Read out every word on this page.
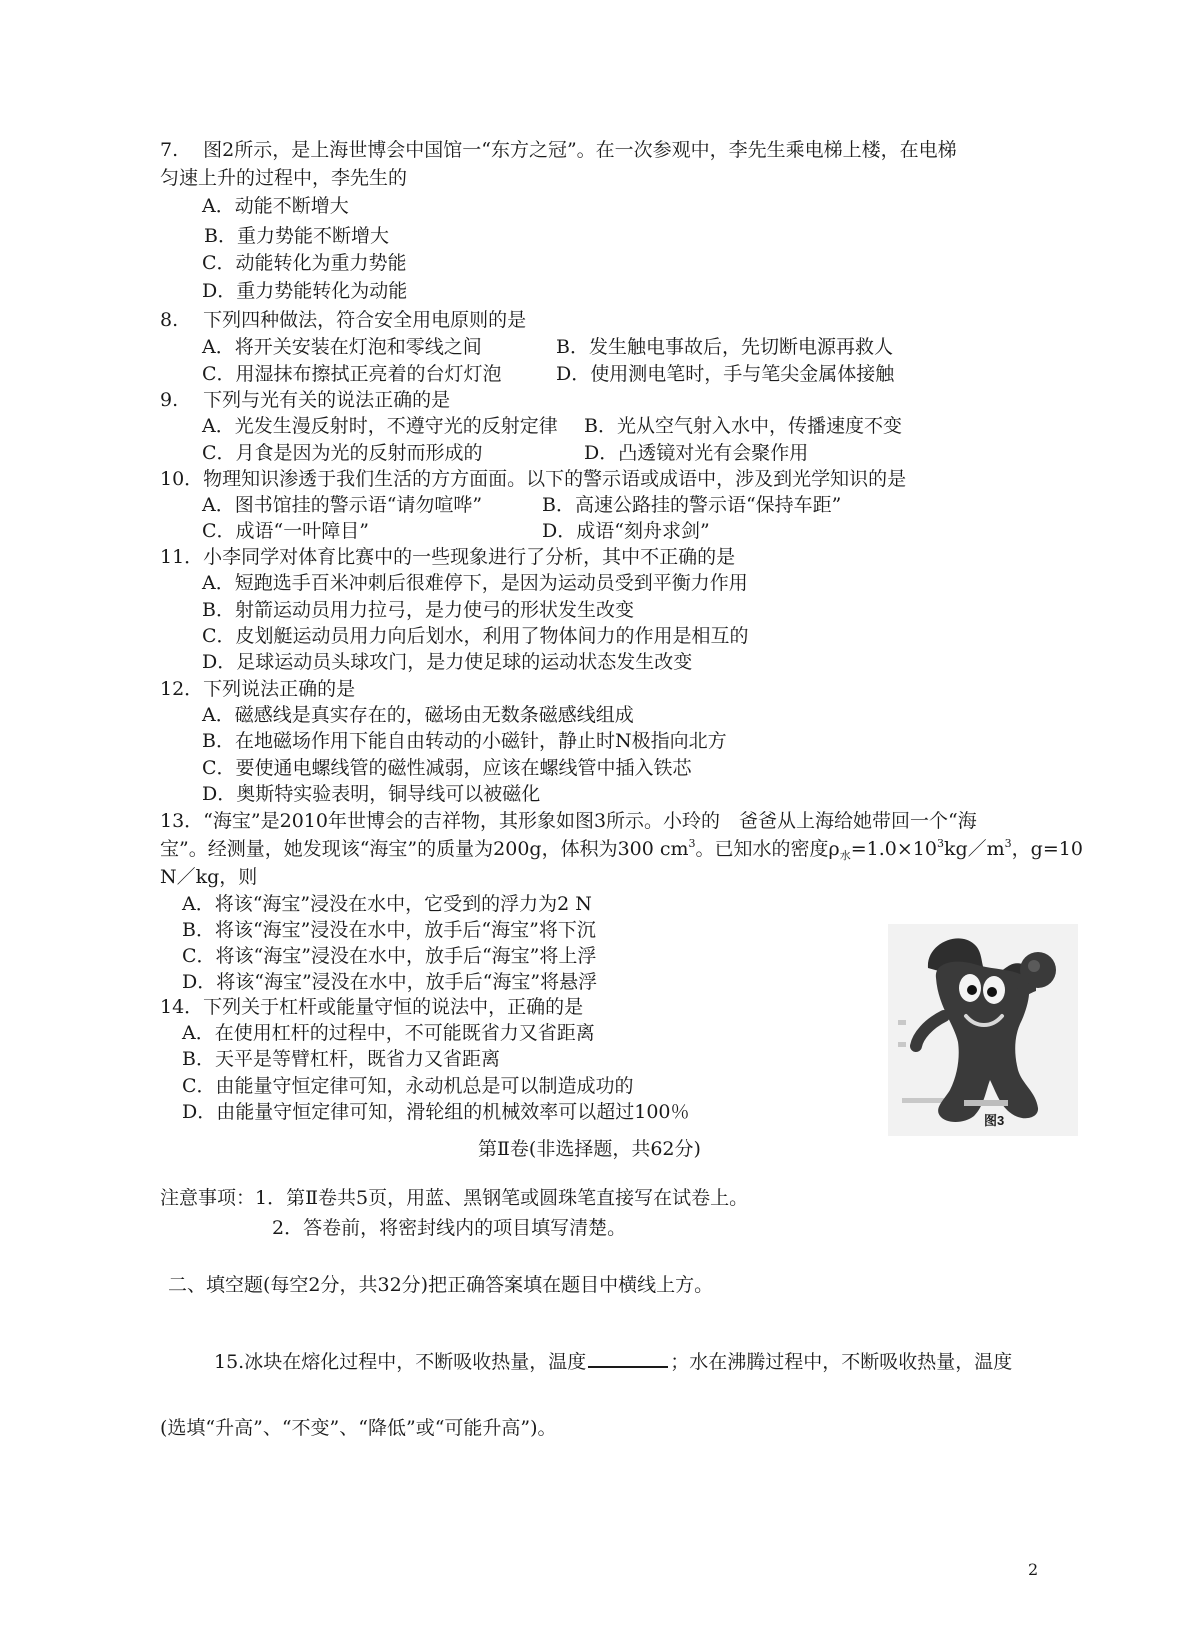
7.　 图2所示，是上海世博会中国馆一“东方之冠”。在一次参观中，李先生乘电梯上楼，在电梯
匀速上升的过程中，李先生的
A．动能不断增大
B．重力势能不断增大
C．动能转化为重力势能
D．重力势能转化为动能
8.　 下列四种做法，符合安全用电原则的是
A．将开关安装在灯泡和零线之间	B．发生触电事故后，先切断电源再救人
C．用湿抹布擦拭正亮着的台灯灯泡	D．使用测电笔时，手与笔尖金属体接触
9.　 下列与光有关的说法正确的是
A．光发生漫反射时，不遵守光的反射定律 B．光从空气射入水中，传播速度不变
C．月食是因为光的反射而形成的	D．凸透镜对光有会聚作用
10．物理知识渗透于我们生活的方方面面。以下的警示语或成语中，涉及到光学知识的是
A．图书馆挂的警示语“请勿喧哗”	B．高速公路挂的警示语“保持车距”
C．成语“一叶障目”	D．成语“刻舟求剑”
11．小李同学对体育比赛中的一些现象进行了分析，其中不正确的是
A．短跑选手百米冲刺后很难停下，是因为运动员受到平衡力作用
B．射箭运动员用力拉弓，是力使弓的形状发生改变
C．皮划艇运动员用力向后划水，利用了物体间力的作用是相互的
D．足球运动员头球攻门，是力使足球的运动状态发生改变
12．下列说法正确的是
A．磁感线是真实存在的，磁场由无数条磁感线组成
B．在地磁场作用下能自由转动的小磁针，静止时N极指向北方
C．要使通电螺线管的磁性减弱，应该在螺线管中插入铁芯
D．奥斯特实验表明，铜导线可以被磁化
13．“海宝”是2010年世博会的吉祥物，其形象如图3所示。小玲的　爸爸从上海给她带回一个“海
宝”。经测量，她发现该“海宝”的质量为200g，体积为300 $cm^3$。已知水的密度$\rho_水=1.0\times 10^3kg/m^3$，g=10
N／kg，则
A．将该“海宝”浸没在水中，它受到的浮力为2 N
B．将该“海宝”浸没在水中，放手后“海宝”将下沉
C．将该“海宝”浸没在水中，放手后“海宝”将上浮
D．将该“海宝”浸没在水中，放手后“海宝”将悬浮
14．下列关于杠杆或能量守恒的说法中，正确的是
A．在使用杠杆的过程中，不可能既省力又省距离
B．天平是等臂杠杆，既省力又省距离
C．由能量守恒定律可知，永动机总是可以制造成功的
D．由能量守恒定律可知，滑轮组的机械效率可以超过100％	图3
第Ⅱ卷(非选择题，共62分)
注意事项：1．第Ⅱ卷共5页，用蓝、黑钢笔或圆珠笔直接写在试卷上。
2．答卷前，将密封线内的项目填写清楚。
二、填空题(每空2分，共32分)把正确答案填在题目中横线上方。
15.冰块在熔化过程中，不断吸收热量，温度	；水在沸腾过程中，不断吸收热量，温度
(选填“升高”、“不变”、“降低”或“可能升高”)。
2
